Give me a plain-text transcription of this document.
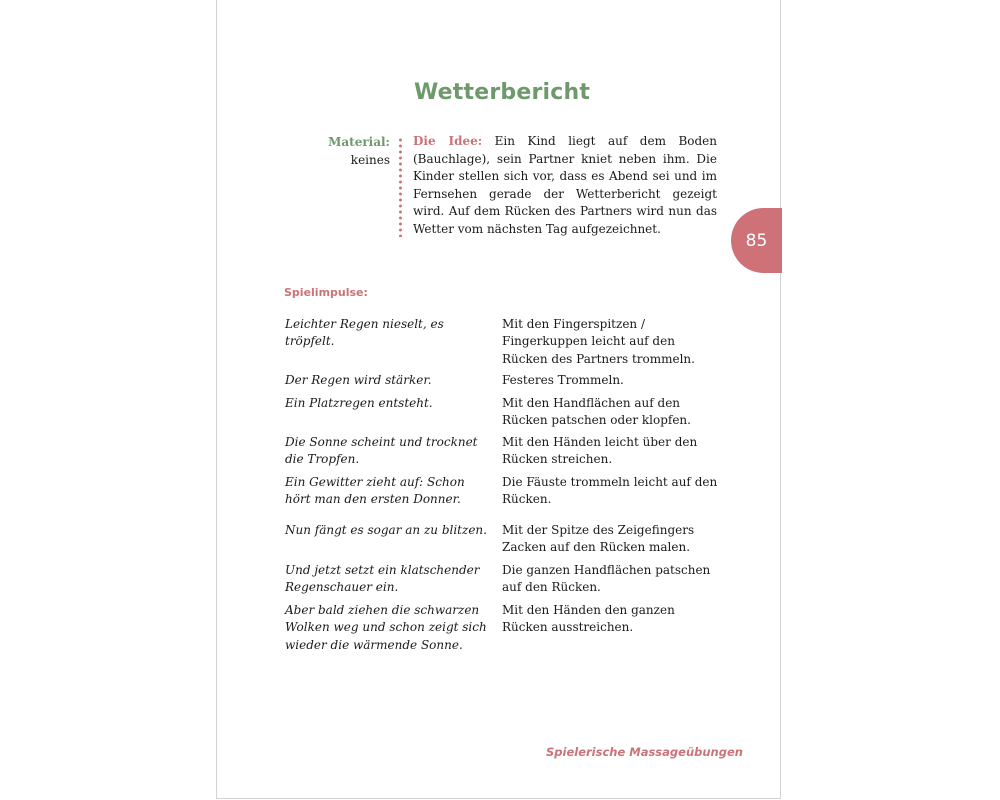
Wetterbericht
Material:
keines
Die Idee: Ein Kind liegt auf dem Boden (Bauchlage), sein Partner kniet neben ihm. Die Kinder stellen sich vor, dass es Abend sei und im Fernsehen gerade der Wetterbericht gezeigt wird. Auf dem Rücken des Partners wird nun das Wetter vom nächsten Tag aufgezeichnet.
85
Spielimpulse:
Leichter Regen nieselt, es tröpfelt.
Mit den Fingerspitzen / Fingerkuppen leicht auf den Rücken des Partners trommeln.
Der Regen wird stärker.	Festeres Trommeln.
Ein Platzregen entsteht.	Mit den Handflächen auf den Rücken patschen oder klopfen.
Die Sonne scheint und trocknet die Tropfen.
Mit den Händen leicht über den Rücken streichen.
Ein Gewitter zieht auf: Schon hört man den ersten Donner.
Die Fäuste trommeln leicht auf den Rücken.
Nun fängt es sogar an zu blitzen. Mit der Spitze des Zeigefingers Zacken auf den Rücken malen.
Und jetzt setzt ein klatschender Regenschauer ein.
Die ganzen Handflächen patschen auf den Rücken.
Aber bald ziehen die schwarzen Wolken weg und schon zeigt sich wieder die wärmende Sonne.
Mit den Händen den ganzen Rücken ausstreichen.

Spielerische Massageübungen
